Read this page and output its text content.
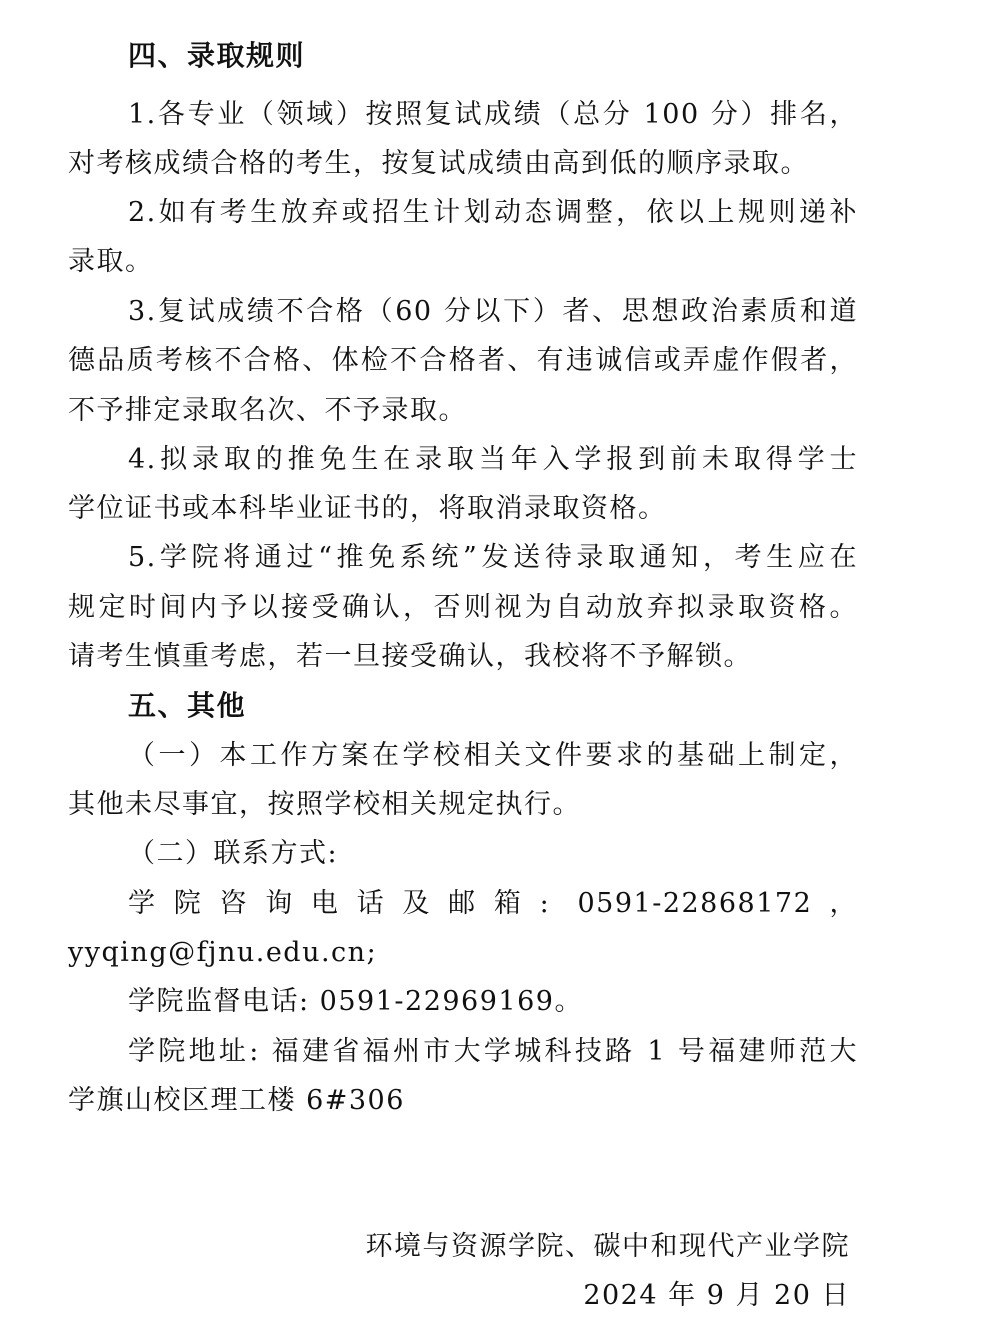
四、录取规则
1.各专业（领域）按照复试成绩（总分 100 分）排名，
对考核成绩合格的考生，按复试成绩由高到低的顺序录取。
2.如有考生放弃或招生计划动态调整，依以上规则递补
录取。
3.复试成绩不合格（60 分以下）者、思想政治素质和道
德品质考核不合格、体检不合格者、有违诚信或弄虚作假者，
不予排定录取名次、不予录取。
4.拟录取的推免生在录取当年入学报到前未取得学士
学位证书或本科毕业证书的，将取消录取资格。
5.学院将通过“推免系统”发送待录取通知，考生应在
规定时间内予以接受确认，否则视为自动放弃拟录取资格。
请考生慎重考虑，若一旦接受确认，我校将不予解锁。
五、其他
（一）本工作方案在学校相关文件要求的基础上制定，
其他未尽事宜，按照学校相关规定执行。
（二）联系方式:
学院咨询电话及邮箱: 0591-22868172，
yyqing@fjnu.edu.cn;
学院监督电话: 0591-22969169。
学院地址: 福建省福州市大学城科技路 1 号福建师范大
学旗山校区理工楼 6#306
环境与资源学院、碳中和现代产业学院
2024 年 9 月 20 日
